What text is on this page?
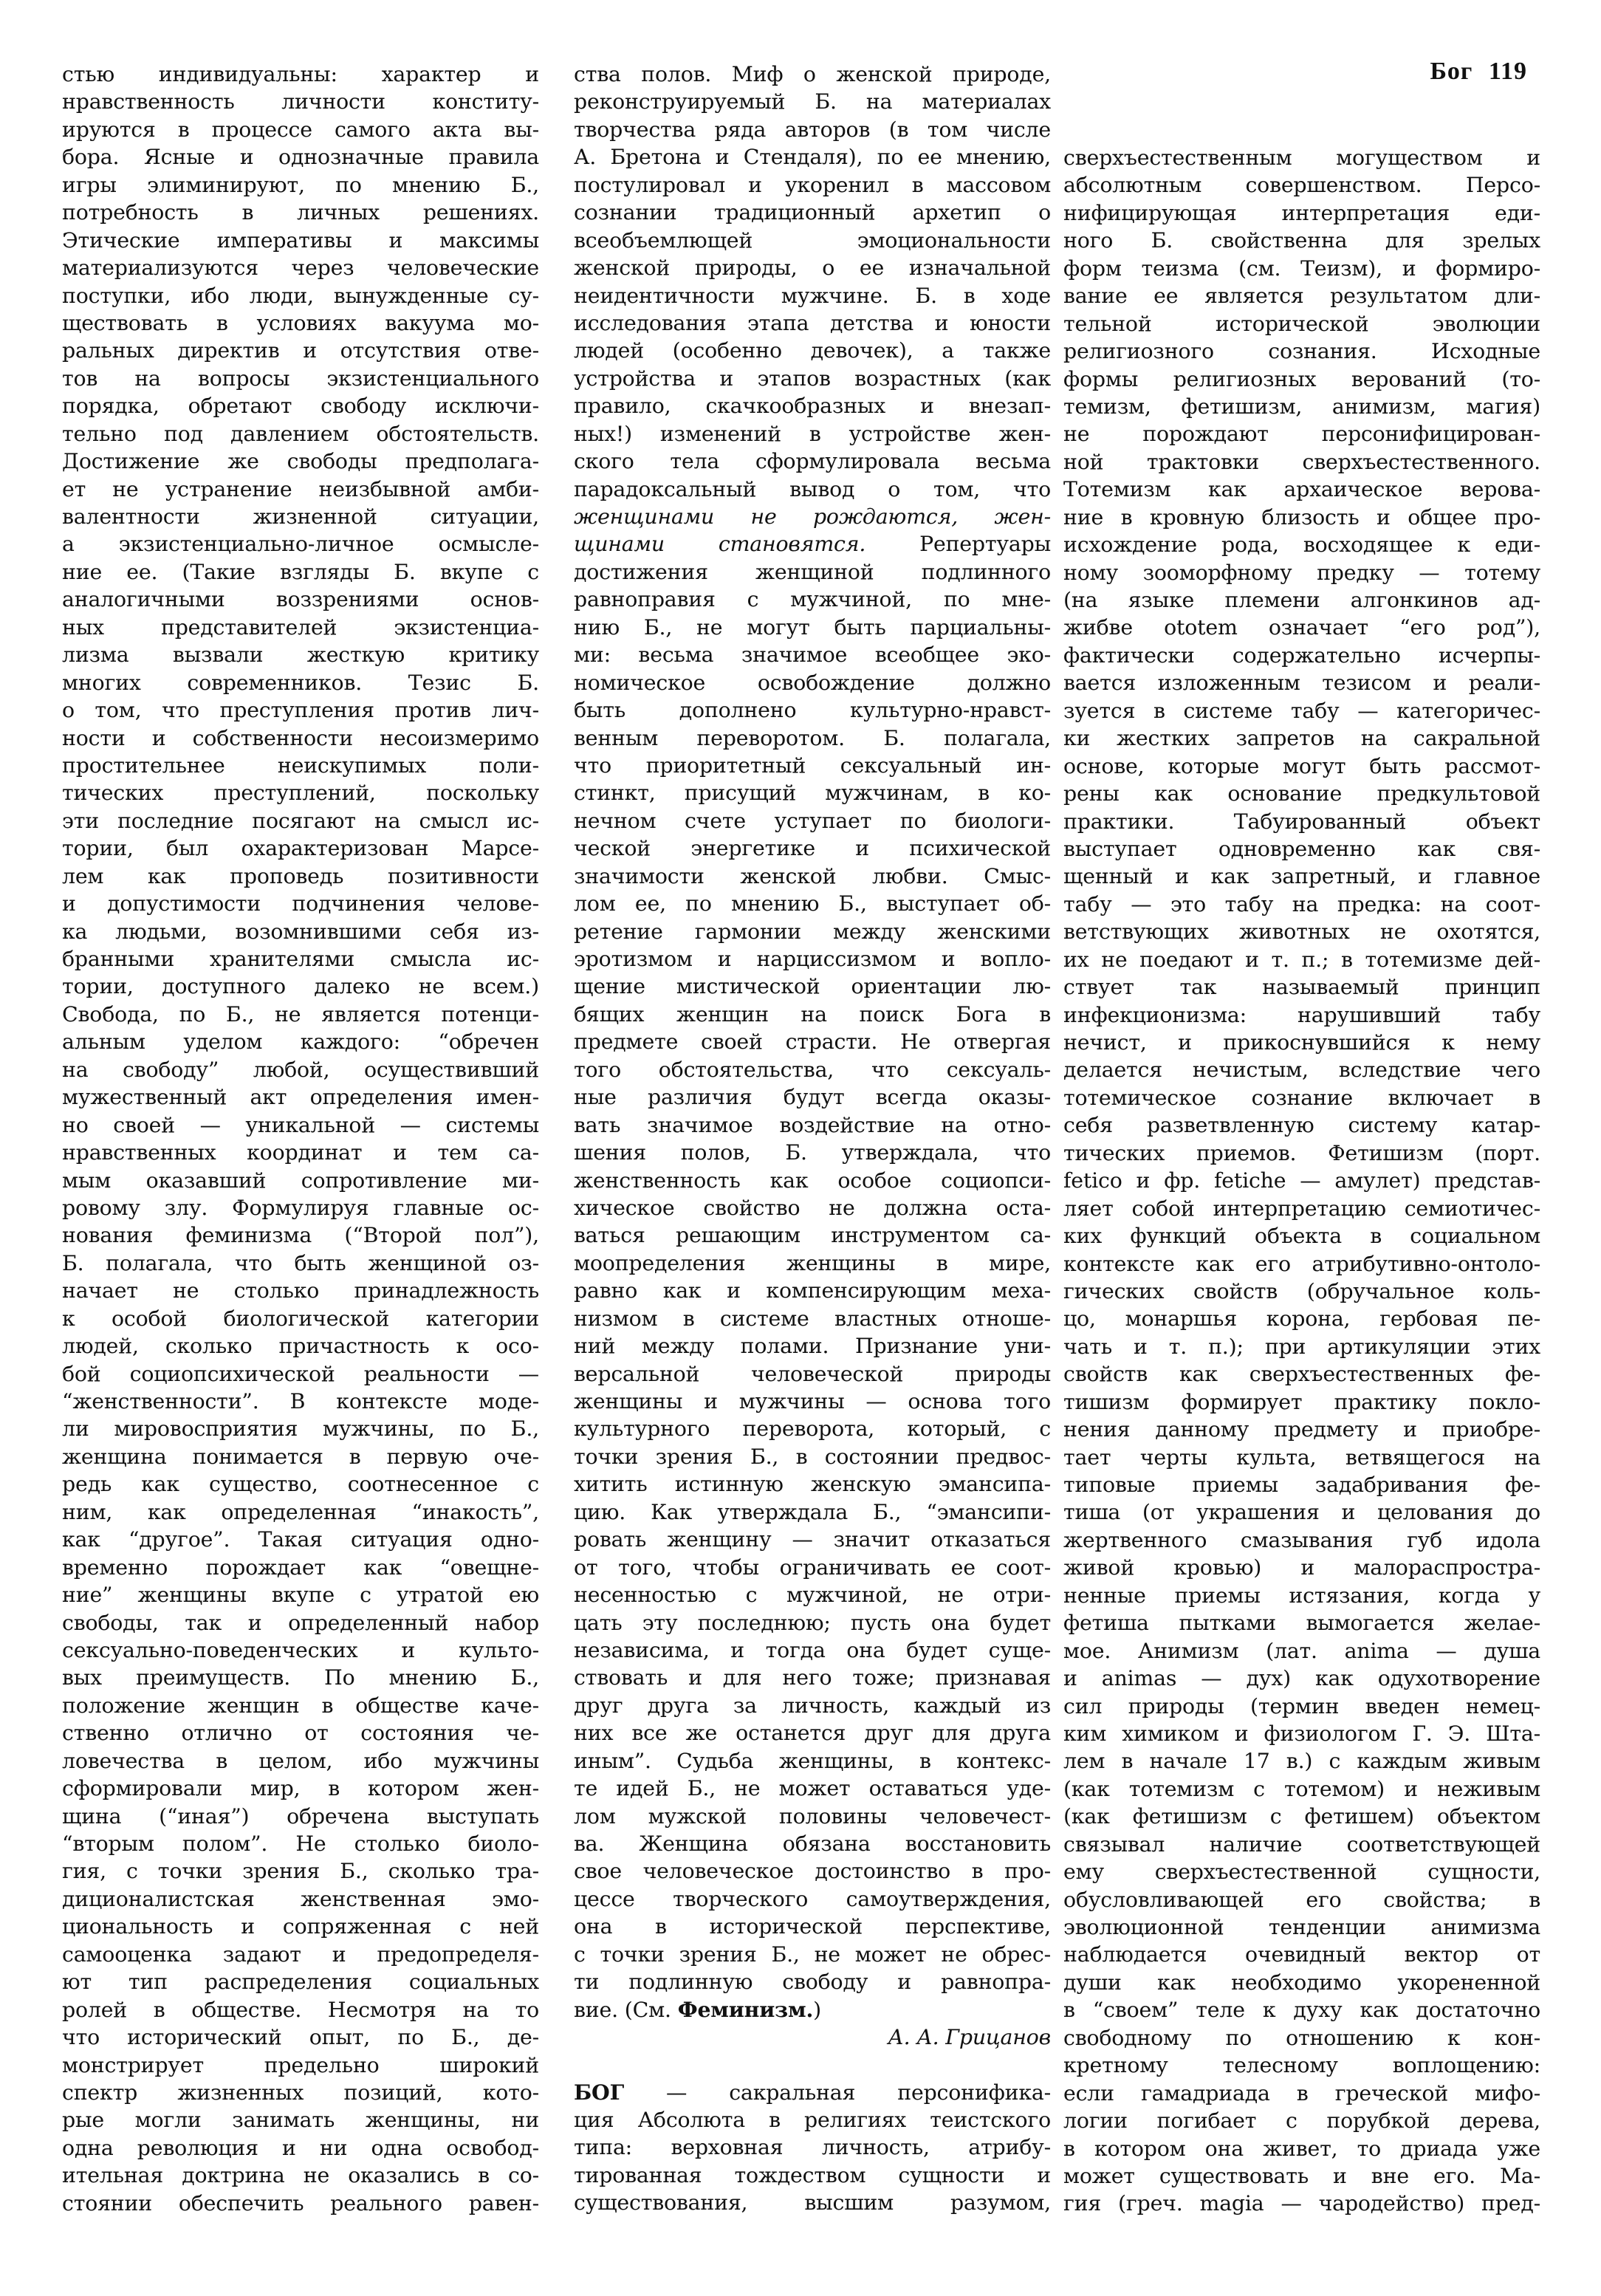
Бог 119
стью индивидуальны: характер и
нравственность личности конститу-
ируются в процессе самого акта вы-
бора. Ясные и однозначные правила
игры элиминируют, по мнению Б.,
потребность в личных решениях.
Этические императивы и максимы
материализуются через человеческие
поступки, ибо люди, вынужденные су-
ществовать в условиях вакуума мо-
ральных директив и отсутствия отве-
тов на вопросы экзистенциального
порядка, обретают свободу исключи-
тельно под давлением обстоятельств.
Достижение же свободы предполага-
ет не устранение неизбывной амби-
валентности жизненной ситуации,
а экзистенциально-личное осмысле-
ние ее. (Такие взгляды Б. вкупе с
аналогичными воззрениями основ-
ных представителей экзистенциа-
лизма вызвали жесткую критику
многих современников. Тезис Б.
о том, что преступления против лич-
ности и собственности несоизмеримо
простительнее неискупимых поли-
тических преступлений, поскольку
эти последние посягают на смысл ис-
тории, был охарактеризован Марсе-
лем как проповедь позитивности
и допустимости подчинения челове-
ка людьми, возомнившими себя из-
бранными хранителями смысла ис-
тории, доступного далеко не всем.)
Свобода, по Б., не является потенци-
альным уделом каждого: “обречен
на свободу” любой, осуществивший
мужественный акт определения имен-
но своей — уникальной — системы
нравственных координат и тем са-
мым оказавший сопротивление ми-
ровому злу. Формулируя главные ос-
нования феминизма (“Второй пол”),
Б. полагала, что быть женщиной оз-
начает не столько принадлежность
к особой биологической категории
людей, сколько причастность к осо-
бой социопсихической реальности —
“женственности”. В контексте моде-
ли мировосприятия мужчины, по Б.,
женщина понимается в первую оче-
редь как существо, соотнесенное с
ним, как определенная “инакость”,
как “другое”. Такая ситуация одно-
временно порождает как “овещне-
ние” женщины вкупе с утратой ею
свободы, так и определенный набор
сексуально-поведенческих и культо-
вых преимуществ. По мнению Б.,
положение женщин в обществе каче-
ственно отлично от состояния че-
ловечества в целом, ибо мужчины
сформировали мир, в котором жен-
щина (“иная”) обречена выступать
“вторым полом”. Не столько биоло-
гия, с точки зрения Б., сколько тра-
диционалистская женственная эмо-
циональность и сопряженная с ней
самооценка задают и предопределя-
ют тип распределения социальных
ролей в обществе. Несмотря на то
что исторический опыт, по Б., де-
монстрирует предельно широкий
спектр жизненных позиций, кото-
рые могли занимать женщины, ни
одна революция и ни одна освобод-
ительная доктрина не оказались в со-
стоянии обеспечить реального равен-
ства полов. Миф о женской природе,
реконструируемый Б. на материалах
творчества ряда авторов (в том числе
А. Бретона и Стендаля), по ее мнению,
постулировал и укоренил в массовом
сознании традиционный архетип о
всеобъемлющей эмоциональности
женской природы, о ее изначальной
неидентичности мужчине. Б. в ходе
исследования этапа детства и юности
людей (особенно девочек), а также
устройства и этапов возрастных (как
правило, скачкообразных и внезап-
ных!) изменений в устройстве жен-
ского тела сформулировала весьма
парадоксальный вывод о том, что
женщинами не рождаются, жен-
щинами становятся. Репертуары
достижения женщиной подлинного
равноправия с мужчиной, по мне-
нию Б., не могут быть парциальны-
ми: весьма значимое всеобщее эко-
номическое освобождение должно
быть дополнено культурно-нравст-
венным переворотом. Б. полагала,
что приоритетный сексуальный ин-
стинкт, присущий мужчинам, в ко-
нечном счете уступает по биологи-
ческой энергетике и психической
значимости женской любви. Смыс-
лом ее, по мнению Б., выступает об-
ретение гармонии между женскими
эротизмом и нарциссизмом и вопло-
щение мистической ориентации лю-
бящих женщин на поиск Бога в
предмете своей страсти. Не отвергая
того обстоятельства, что сексуаль-
ные различия будут всегда оказы-
вать значимое воздействие на отно-
шения полов, Б. утверждала, что
женственность как особое социопси-
хическое свойство не должна оста-
ваться решающим инструментом са-
моопределения женщины в мире,
равно как и компенсирующим меха-
низмом в системе властных отноше-
ний между полами. Признание уни-
версальной человеческой природы
женщины и мужчины — основа того
культурного переворота, который, с
точки зрения Б., в состоянии предвос-
хитить истинную женскую эмансипа-
цию. Как утверждала Б., “эмансипи-
ровать женщину — значит отказаться
от того, чтобы ограничивать ее соот-
несенностью с мужчиной, не отри-
цать эту последнюю; пусть она будет
независима, и тогда она будет суще-
ствовать и для него тоже; признавая
друг друга за личность, каждый из
них все же останется друг для друга
иным”. Судьба женщины, в контекс-
те идей Б., не может оставаться уде-
лом мужской половины человечест-
ва. Женщина обязана восстановить
свое человеческое достоинство в про-
цессе творческого самоутверждения,
она в исторической перспективе,
с точки зрения Б., не может не обрес-
ти подлинную свободу и равнопра-
вие. (См. Феминизм.)
А. А. Грицанов
БОГ — сакральная персонифика-
ция Абсолюта в религиях теистского
типа: верховная личность, атрибу-
тированная тождеством сущности и
существования, высшим разумом,
сверхъестественным могуществом и
абсолютным совершенством. Персо-
нифицирующая интерпретация еди-
ного Б. свойственна для зрелых
форм теизма (см. Теизм), и формиро-
вание ее является результатом дли-
тельной исторической эволюции
религиозного сознания. Исходные
формы религиозных верований (то-
темизм, фетишизм, анимизм, магия)
не порождают персонифицирован-
ной трактовки сверхъестественного.
Тотемизм как архаическое верова-
ние в кровную близость и общее про-
исхождение рода, восходящее к еди-
ному зооморфному предку — тотему
(на языке племени алгонкинов ад-
жибве ototem означает “его род”),
фактически содержательно исчерпы-
вается изложенным тезисом и реали-
зуется в системе табу — категоричес-
ки жестких запретов на сакральной
основе, которые могут быть рассмот-
рены как основание предкультовой
практики. Табуированный объект
выступает одновременно как свя-
щенный и как запретный, и главное
табу — это табу на предка: на соот-
ветствующих животных не охотятся,
их не поедают и т. п.; в тотемизме дей-
ствует так называемый принцип
инфекционизма: нарушивший табу
нечист, и прикоснувшийся к нему
делается нечистым, вследствие чего
тотемическое сознание включает в
себя разветвленную систему катар-
тических приемов. Фетишизм (порт.
fetico и фр. fetiche — амулет) представ-
ляет собой интерпретацию семиотичес-
ких функций объекта в социальном
контексте как его атрибутивно-онтоло-
гических свойств (обручальное коль-
цо, монаршья корона, гербовая пе-
чать и т. п.); при артикуляции этих
свойств как сверхъестественных фе-
тишизм формирует практику покло-
нения данному предмету и приобре-
тает черты культа, ветвящегося на
типовые приемы задабривания фе-
тиша (от украшения и целования до
жертвенного смазывания губ идола
живой кровью) и малораспростра-
ненные приемы истязания, когда у
фетиша пытками вымогается желае-
мое. Анимизм (лат. anima — душа
и animas — дух) как одухотворение
сил природы (термин введен немец-
ким химиком и физиологом Г. Э. Шта-
лем в начале 17 в.) с каждым живым
(как тотемизм с тотемом) и неживым
(как фетишизм с фетишем) объектом
связывал наличие соответствующей
ему сверхъестественной сущности,
обусловливающей его свойства; в
эволюционной тенденции анимизма
наблюдается очевидный вектор от
души как необходимо укорененной
в “своем” теле к духу как достаточно
свободному по отношению к кон-
кретному телесному воплощению:
если гамадриада в греческой мифо-
логии погибает с порубкой дерева,
в котором она живет, то дриада уже
может существовать и вне его. Ма-
гия (греч. magia — чародейство) пред-
